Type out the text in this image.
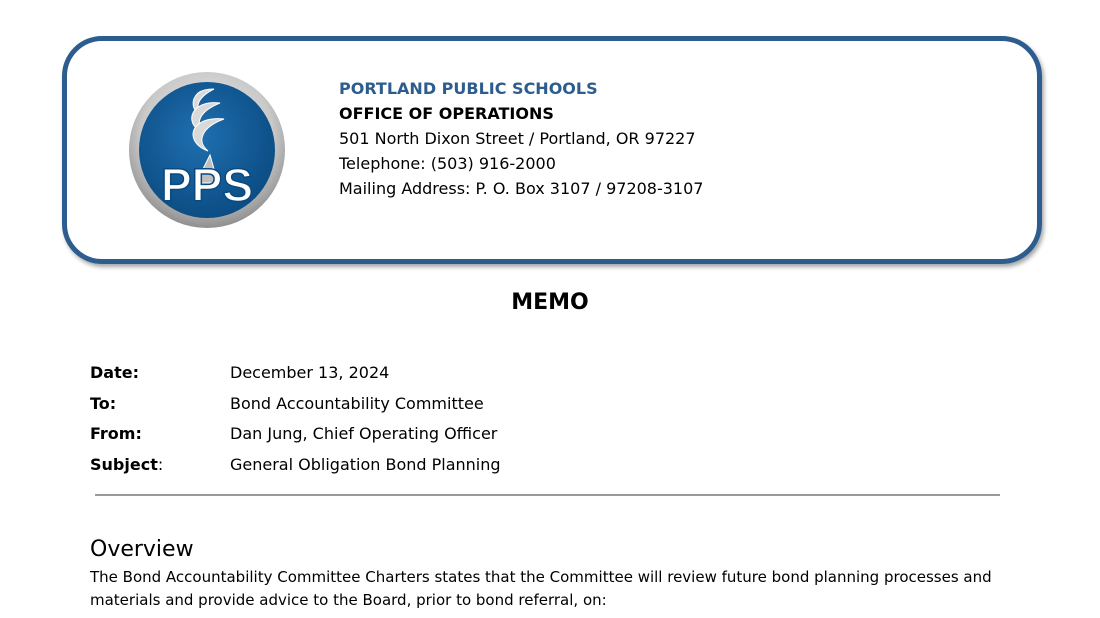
PPS
PORTLAND PUBLIC SCHOOLS
OFFICE OF OPERATIONS
501 North Dixon Street / Portland, OR 97227
Telephone: (503) 916-2000
Mailing Address: P. O. Box 3107 / 97208-3107
MEMO
Date:	December 13, 2024
To:	Bond Accountability Committee
From:	Dan Jung, Chief Operating Officer
Subject:	General Obligation Bond Planning
Overview
The Bond Accountability Committee Charters states that the Committee will review future bond planning processes and materials and provide advice to the Board, prior to bond referral, on:
